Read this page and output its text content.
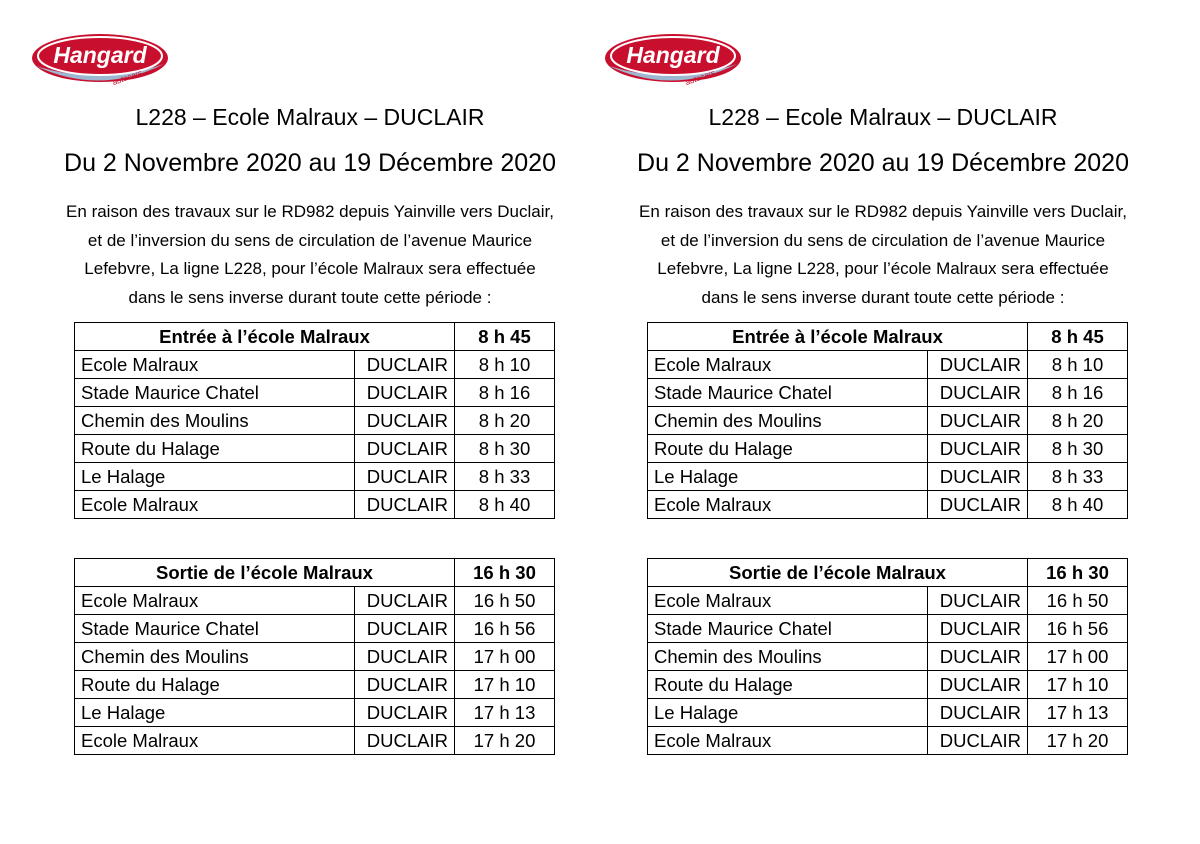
Hangard
autocars
L228 – Ecole Malraux – DUCLAIR
Du 2 Novembre 2020 au 19 Décembre 2020
En raison des travaux sur le RD982 depuis Yainville vers Duclair,
et de l’inversion du sens de circulation de l’avenue Maurice
Lefebvre, La ligne L228, pour l’école Malraux sera effectuée
dans le sens inverse durant toute cette période :
Entrée à l’école Malraux		8 h 45
Ecole Malraux	DUCLAIR	8 h 10
Stade Maurice Chatel	DUCLAIR	8 h 16
Chemin des Moulins	DUCLAIR	8 h 20
Route du Halage	DUCLAIR	8 h 30
Le Halage	DUCLAIR	8 h 33
Ecole Malraux	DUCLAIR	8 h 40
Sortie de l’école Malraux		16 h 30
Ecole Malraux	DUCLAIR	16 h 50
Stade Maurice Chatel	DUCLAIR	16 h 56
Chemin des Moulins	DUCLAIR	17 h 00
Route du Halage	DUCLAIR	17 h 10
Le Halage	DUCLAIR	17 h 13
Ecole Malraux	DUCLAIR	17 h 20
Hangard
autocars
L228 – Ecole Malraux – DUCLAIR
Du 2 Novembre 2020 au 19 Décembre 2020
En raison des travaux sur le RD982 depuis Yainville vers Duclair,
et de l’inversion du sens de circulation de l’avenue Maurice
Lefebvre, La ligne L228, pour l’école Malraux sera effectuée
dans le sens inverse durant toute cette période :
Entrée à l’école Malraux		8 h 45
Ecole Malraux	DUCLAIR	8 h 10
Stade Maurice Chatel	DUCLAIR	8 h 16
Chemin des Moulins	DUCLAIR	8 h 20
Route du Halage	DUCLAIR	8 h 30
Le Halage	DUCLAIR	8 h 33
Ecole Malraux	DUCLAIR	8 h 40
Sortie de l’école Malraux		16 h 30
Ecole Malraux	DUCLAIR	16 h 50
Stade Maurice Chatel	DUCLAIR	16 h 56
Chemin des Moulins	DUCLAIR	17 h 00
Route du Halage	DUCLAIR	17 h 10
Le Halage	DUCLAIR	17 h 13
Ecole Malraux	DUCLAIR	17 h 20
